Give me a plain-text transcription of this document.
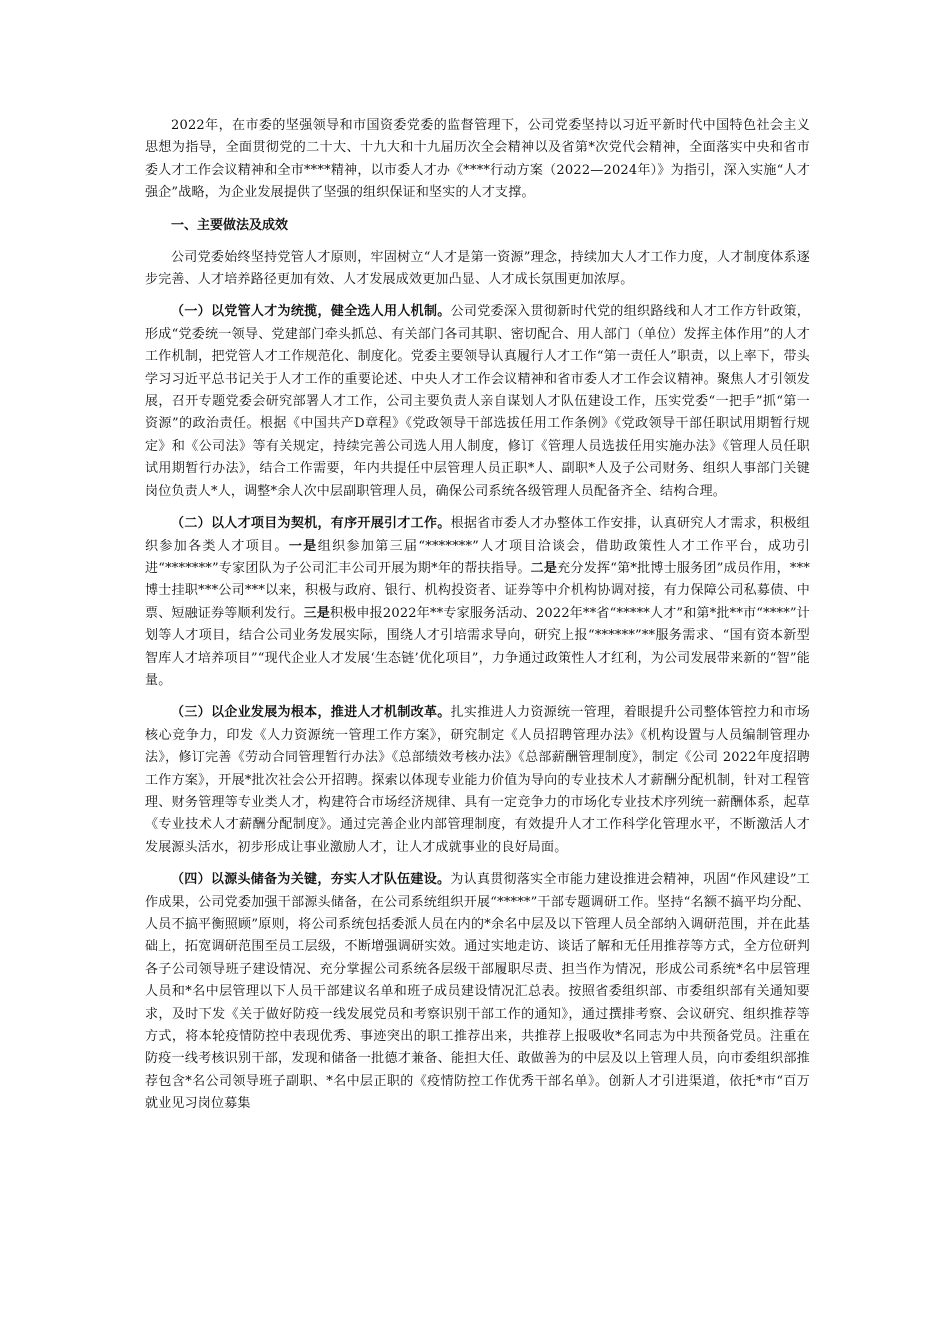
2022年，在市委的坚强领导和市国资委党委的监督管理下，公司党委坚持以习近平新时代中国特色社会主义思想为指导，全面贯彻党的二十大、十九大和十九届历次全会精神以及省第*次党代会精神，全面落实中央和省市委人才工作会议精神和全市****精神，以市委人才办《****行动方案（2022—2024年）》为指引，深入实施“人才强企”战略，为企业发展提供了坚强的组织保证和坚实的人才支撑。

一、主要做法及成效

公司党委始终坚持党管人才原则，牢固树立“人才是第一资源”理念，持续加大人才工作力度，人才制度体系逐步完善、人才培养路径更加有效、人才发展成效更加凸显、人才成长氛围更加浓厚。

（一）以党管人才为统揽，健全选人用人机制。公司党委深入贯彻新时代党的组织路线和人才工作方针政策，形成“党委统一领导、党建部门牵头抓总、有关部门各司其职、密切配合、用人部门（单位）发挥主体作用”的人才工作机制，把党管人才工作规范化、制度化。党委主要领导认真履行人才工作“第一责任人”职责，以上率下，带头学习习近平总书记关于人才工作的重要论述、中央人才工作会议精神和省市委人才工作会议精神。聚焦人才引领发展，召开专题党委会研究部署人才工作，公司主要负责人亲自谋划人才队伍建设工作，压实党委“一把手”抓“第一资源”的政治责任。根据《中国共产D章程》《党政领导干部选拔任用工作条例》《党政领导干部任职试用期暂行规定》和《公司法》等有关规定，持续完善公司选人用人制度，修订《管理人员选拔任用实施办法》《管理人员任职试用期暂行办法》，结合工作需要，年内共提任中层管理人员正职*人、副职*人及子公司财务、组织人事部门关键岗位负责人*人，调整*余人次中层副职管理人员，确保公司系统各级管理人员配备齐全、结构合理。

（二）以人才项目为契机，有序开展引才工作。根据省市委人才办整体工作安排，认真研究人才需求，积极组织参加各类人才项目。一是组织参加第三届“*******”人才项目洽谈会，借助政策性人才工作平台，成功引进“*******”专家团队为子公司汇丰公司开展为期*年的帮扶指导。二是充分发挥“第*批博士服务团”成员作用，***博士挂职***公司***以来，积极与政府、银行、机构投资者、证券等中介机构协调对接，有力保障公司私募债、中票、短融证券等顺利发行。三是积极申报2022年**专家服务活动、2022年**省“*****人才”和第*批**市“****”计划等人才项目，结合公司业务发展实际，围绕人才引培需求导向，研究上报“******”**服务需求、“国有资本新型智库人才培养项目”“现代企业人才发展‘生态链’优化项目”，力争通过政策性人才红利，为公司发展带来新的“智”能量。

（三）以企业发展为根本，推进人才机制改革。扎实推进人力资源统一管理，着眼提升公司整体管控力和市场核心竞争力，印发《人力资源统一管理工作方案》，研究制定《人员招聘管理办法》《机构设置与人员编制管理办法》，修订完善《劳动合同管理暂行办法》《总部绩效考核办法》《总部薪酬管理制度》，制定《公司 2022年度招聘工作方案》，开展*批次社会公开招聘。探索以体现专业能力价值为导向的专业技术人才薪酬分配机制，针对工程管理、财务管理等专业类人才，构建符合市场经济规律、具有一定竞争力的市场化专业技术序列统一薪酬体系，起草《专业技术人才薪酬分配制度》。通过完善企业内部管理制度，有效提升人才工作科学化管理水平，不断激活人才发展源头活水，初步形成让事业激励人才，让人才成就事业的良好局面。

（四）以源头储备为关键，夯实人才队伍建设。为认真贯彻落实全市能力建设推进会精神，巩固“作风建设”工作成果，公司党委加强干部源头储备，在公司系统组织开展“*****”干部专题调研工作。坚持“名额不搞平均分配、人员不搞平衡照顾”原则，将公司系统包括委派人员在内的*余名中层及以下管理人员全部纳入调研范围，并在此基础上，拓宽调研范围至员工层级，不断增强调研实效。通过实地走访、谈话了解和无任用推荐等方式，全方位研判各子公司领导班子建设情况、充分掌握公司系统各层级干部履职尽责、担当作为情况，形成公司系统*名中层管理人员和*名中层管理以下人员干部建议名单和班子成员建设情况汇总表。按照省委组织部、市委组织部有关通知要求，及时下发《关于做好防疫一线发展党员和考察识别干部工作的通知》，通过撰排考察、会议研究、组织推荐等方式，将本轮疫情防控中表现优秀、事迹突出的职工推荐出来，共推荐上报吸收*名同志为中共预备党员。注重在防疫一线考核识别干部，发现和储备一批德才兼备、能担大任、敢做善为的中层及以上管理人员，向市委组织部推荐包含*名公司领导班子副职、*名中层正职的《疫情防控工作优秀干部名单》。创新人才引进渠道，依托*市“百万就业见习岗位募集
